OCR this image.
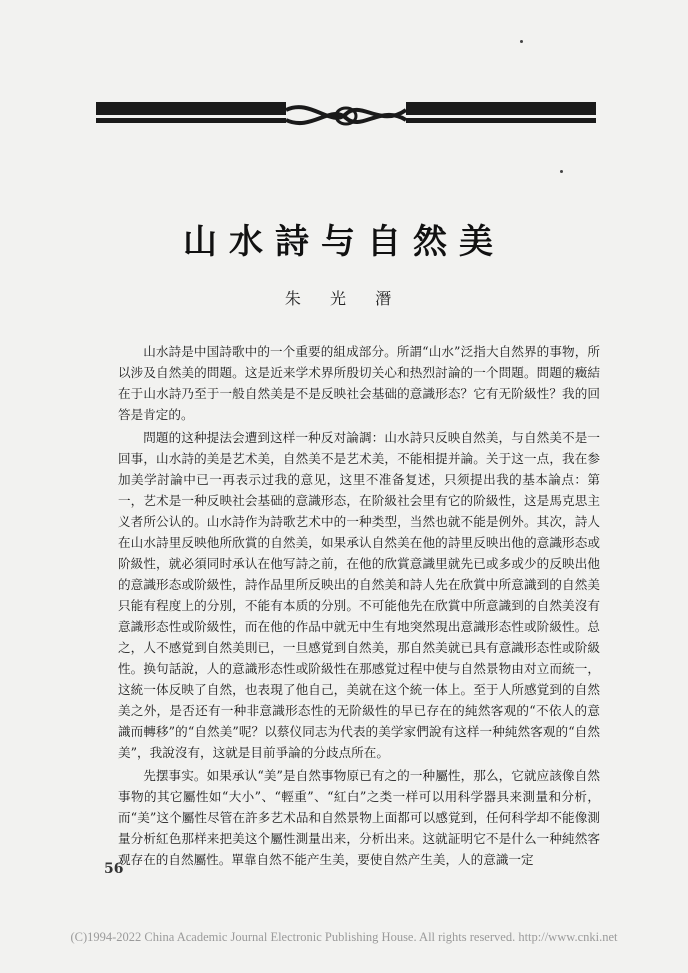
山水詩与自然美
朱 光 潛

山水詩是中国詩歌中的一个重要的組成部分。所謂“山水”泛指大自然界的事物，所以涉及自然美的問題。这是近来学术界所殷切关心和热烈討論的一个問題。問題的癥結在于山水詩乃至于一般自然美是不是反映社会基础的意識形态？它有无阶級性？我的回答是肯定的。

問題的这种提法会遭到这样一种反对論調：山水詩只反映自然美，与自然美不是一回事，山水詩的美是艺术美，自然美不是艺术美，不能相提并論。关于这一点，我在参加美学討論中已一再表示过我的意见，这里不准备复述，只须提出我的基本論点：第一，艺术是一种反映社会基础的意識形态，在阶級社会里有它的阶級性，这是馬克思主义者所公认的。山水詩作为詩歌艺术中的一种类型，当然也就不能是例外。其次，詩人在山水詩里反映他所欣賞的自然美，如果承认自然美在他的詩里反映出他的意識形态或阶級性，就必須同时承认在他写詩之前，在他的欣賞意識里就先已或多或少的反映出他的意識形态或阶級性，詩作品里所反映出的自然美和詩人先在欣賞中所意識到的自然美只能有程度上的分別，不能有本质的分別。不可能他先在欣賞中所意識到的自然美沒有意識形态性或阶級性，而在他的作品中就无中生有地突然現出意識形态性或阶級性。总之，人不感覚到自然美則已，一旦感覚到自然美，那自然美就已具有意識形态性或阶級性。换句話說，人的意識形态性或阶級性在那感覚过程中使与自然景物由对立而統一，这統一体反映了自然，也表現了他自己，美就在这个統一体上。至于人所感覚到的自然美之外，是否还有一种非意識形态性的无阶級性的早已存在的純然客观的“不依人的意識而轉移”的“自然美”呢？以蔡仪同志为代表的美学家們說有这样一种純然客观的“自然美”，我說沒有，这就是目前爭論的分歧点所在。

先摆事实。如果承认“美”是自然事物原已有之的一种屬性，那么，它就应該像自然事物的其它屬性如“大小”、“輕重”、“紅白”之类一样可以用科学器具来測量和分析，而“美”这个屬性尽管在許多艺术品和自然景物上面都可以感覚到，任何科学却不能像測量分析紅色那样来把美这个屬性測量出来，分析出来。这就証明它不是什么一种純然客观存在的自然屬性。單靠自然不能产生美，要使自然产生美，人的意識一定

56
(C)1994-2022 China Academic Journal Electronic Publishing House. All rights reserved. http://www.cnki.net
